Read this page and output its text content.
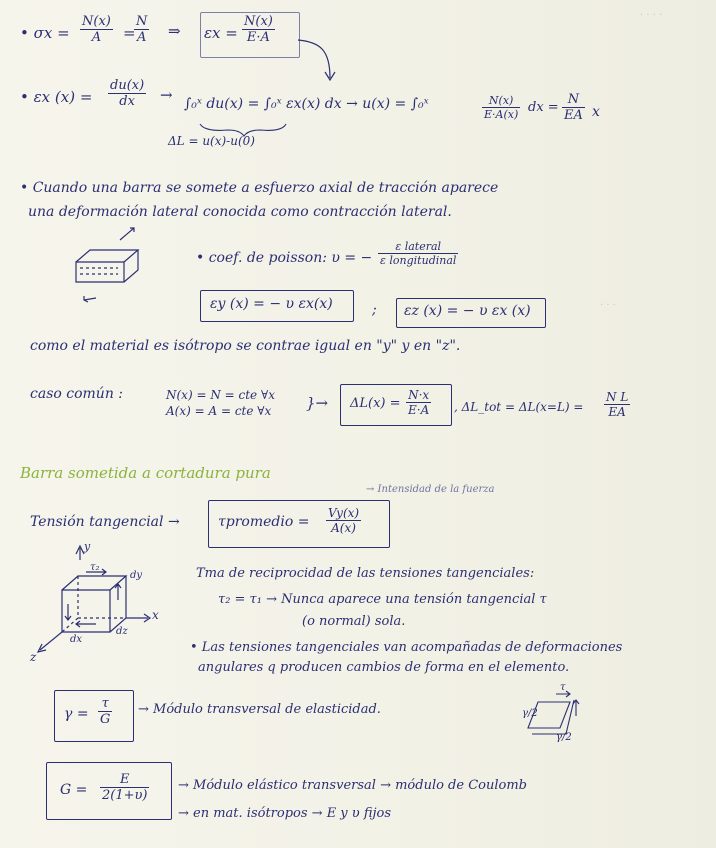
· · · ·
· · ·
• $\sigma x = \frac{N(x)}{A}$ =
$\frac{N}{A}$ ⇒ $\varepsilon x = \frac{N(x)}{E\cdot A}$
• εx $(x) = \frac{du(x)}{dx}$ → ∫₀ˣ du(x) = ∫₀ˣ εx(x) dx → u(x) = ∫₀ˣ	$\frac{N(x)}{E\cdot A(x)}$ dx = $\frac{N}{EA}$ x
ΔL = u(x)-u(0)
• Cuando una barra se somete a esfuerzo axial de tracción aparece
una deformación lateral conocida como contracción lateral.
• coef. de poisson: υ = −
ε lateral
ε longitudinal
εy (x) = − υ εx(x)	; εz (x) = − υ εx (x)
como el material es isótropo se contrae igual en "y" y en "z".
caso común :	N(x) = N = cte ∀x
A(x) = A = cte ∀x }→ $\Delta L(x) = \frac{N\cdot x}{E\cdot A}$ , ΔL_tot = $\Delta L(x=L) = \frac{\text{N L}}{EA}$
Barra sometida a cortadura pura
→ Intensidad de la fuerza
Tensión tangencial →	τpromedio = $\frac{Vy(x)}{A(x)}$
y
x
z
τ₂
dy
dz
dx
Tma de reciprocidad de las tensiones tangenciales:
τ₂ = τ₁ → Nunca aparece una tensión tangencial τ
(o normal) sola.
• Las tensiones tangenciales van acompañadas de deformaciones
angulares q producen cambios de forma en el elemento.
$\gamma = \frac{\tau}{G}$ → Módulo transversal de elasticidad.
τ
γ/2
γ/2
$G = \frac{E}{2(1+\upsilon)}$ → Módulo elástico transversal → módulo de Coulomb
→ en mat. isótropos → E y υ fijos
